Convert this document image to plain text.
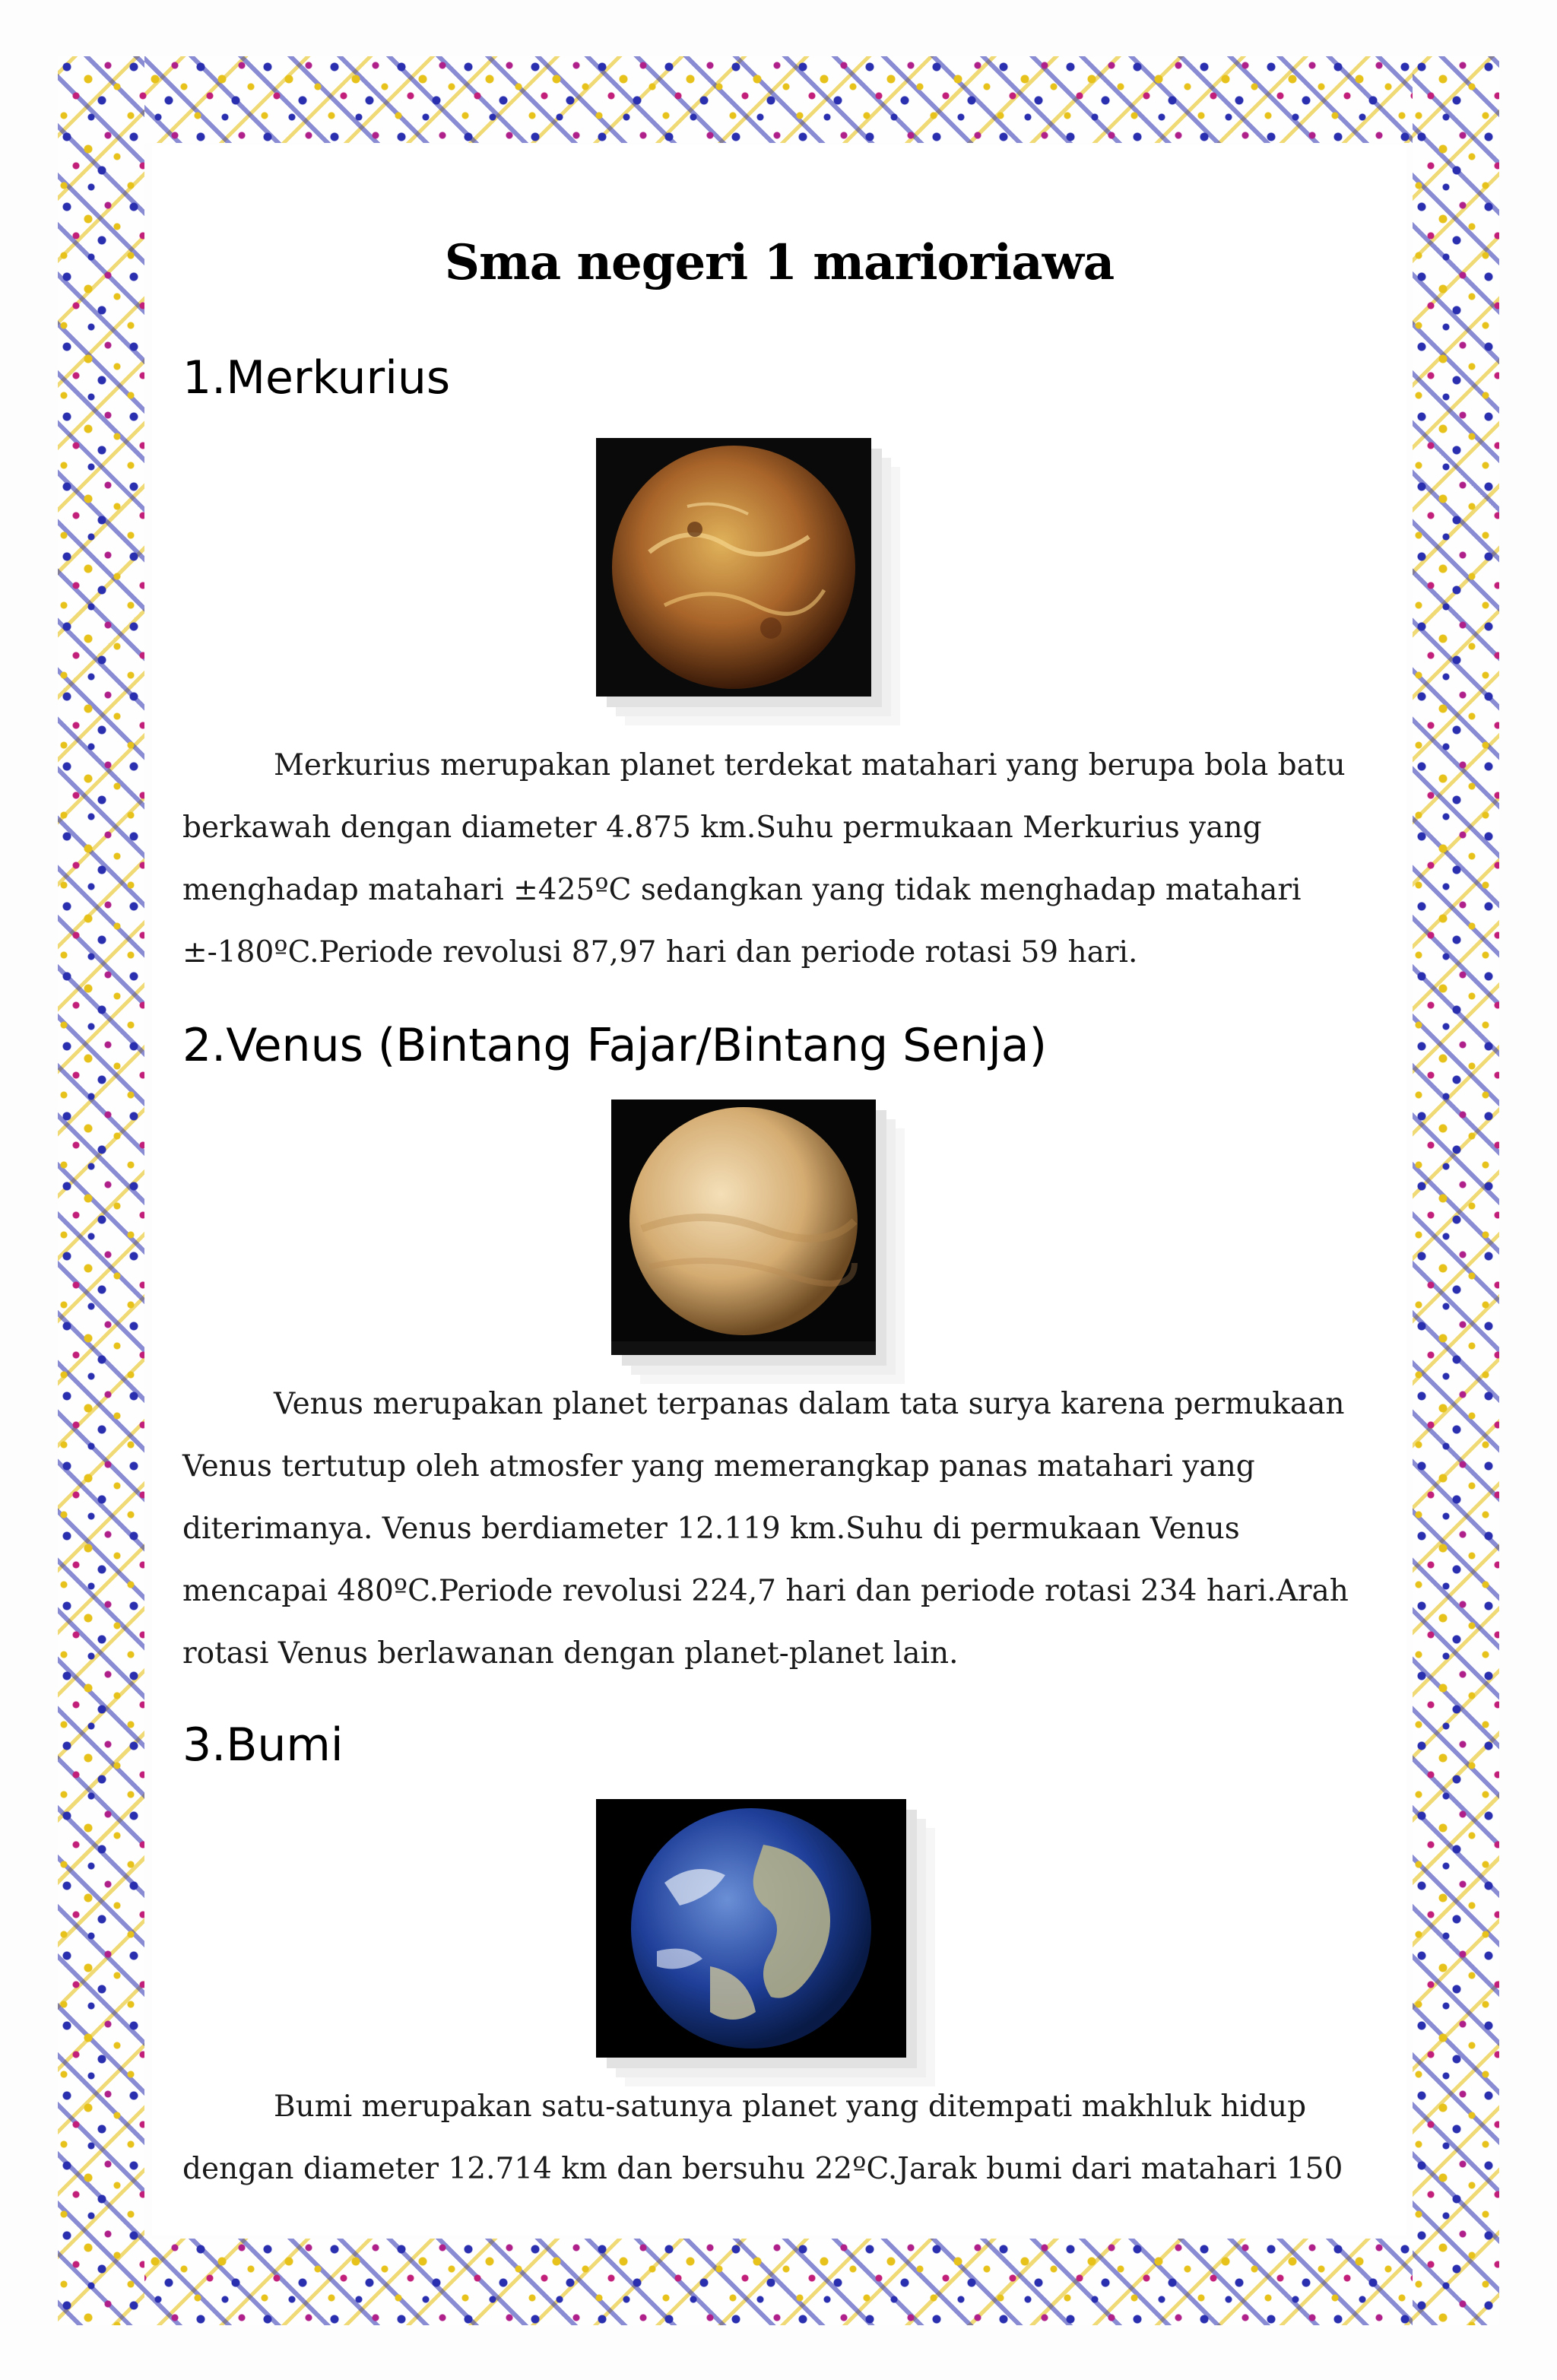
Sma negeri 1 marioriawa
1.Merkurius
Merkurius merupakan planet terdekat matahari yang berupa bola batu berkawah dengan diameter 4.875 km.Suhu permukaan Merkurius yang menghadap matahari ±425ºC sedangkan yang tidak menghadap matahari ±-180ºC.Periode revolusi 87,97 hari dan periode rotasi 59 hari.
2.Venus (Bintang Fajar/Bintang Senja)
Venus merupakan planet terpanas dalam tata surya karena permukaan Venus tertutup oleh atmosfer yang memerangkap panas matahari yang diterimanya. Venus berdiameter 12.119 km.Suhu di permukaan Venus mencapai 480ºC.Periode revolusi 224,7 hari dan periode rotasi 234 hari.Arah rotasi Venus berlawanan dengan planet-planet lain.
3.Bumi
Bumi merupakan satu-satunya planet yang ditempati makhluk hidup dengan diameter 12.714 km dan bersuhu 22ºC.Jarak bumi dari matahari 150
